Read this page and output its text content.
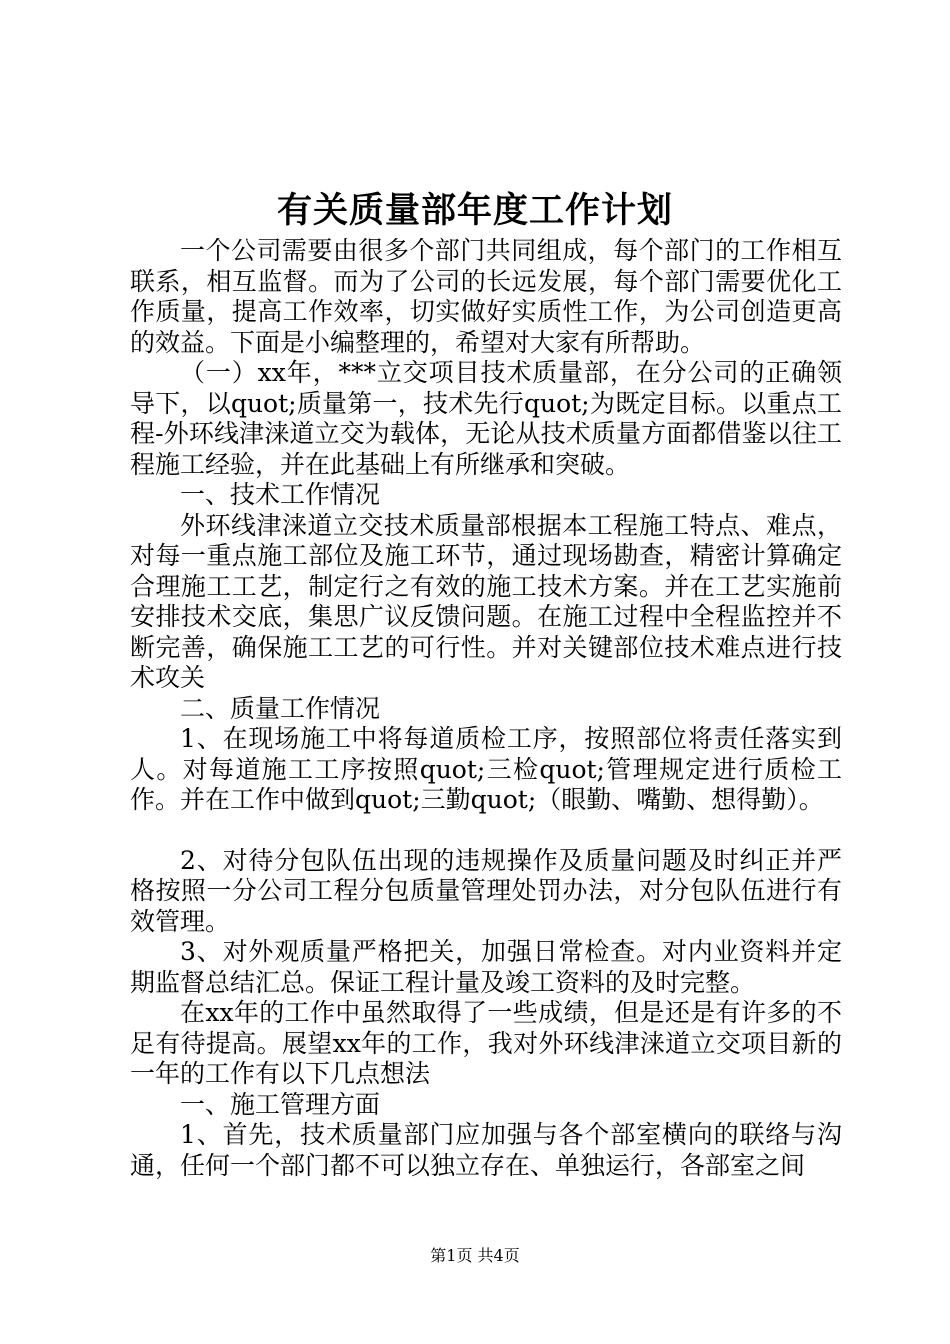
有关质量部年度工作计划

一个公司需要由很多个部门共同组成，每个部门的工作相互联系，相互监督。而为了公司的长远发展，每个部门需要优化工作质量，提高工作效率，切实做好实质性工作，为公司创造更高的效益。下面是小编整理的，希望对大家有所帮助。

（一）xx年，***立交项目技术质量部，在分公司的正确领导下，以quot;质量第一，技术先行quot;为既定目标。以重点工程-外环线津涞道立交为载体，无论从技术质量方面都借鉴以往工程施工经验，并在此基础上有所继承和突破。

一、技术工作情况

外环线津涞道立交技术质量部根据本工程施工特点、难点，对每一重点施工部位及施工环节，通过现场勘查，精密计算确定合理施工工艺，制定行之有效的施工技术方案。并在工艺实施前安排技术交底，集思广议反馈问题。在施工过程中全程监控并不断完善，确保施工工艺的可行性。并对关键部位技术难点进行技术攻关

二、质量工作情况

1、在现场施工中将每道质检工序，按照部位将责任落实到人。对每道施工工序按照quot;三检quot;管理规定进行质检工作。并在工作中做到quot;三勤quot;（眼勤、嘴勤、想得勤）。

2、对待分包队伍出现的违规操作及质量问题及时纠正并严格按照一分公司工程分包质量管理处罚办法，对分包队伍进行有效管理。

3、对外观质量严格把关，加强日常检查。对内业资料并定期监督总结汇总。保证工程计量及竣工资料的及时完整。

在xx年的工作中虽然取得了一些成绩，但是还是有许多的不足有待提高。展望xx年的工作，我对外环线津涞道立交项目新的一年的工作有以下几点想法

一、施工管理方面

1、首先，技术质量部门应加强与各个部室横向的联络与沟通，任何一个部门都不可以独立存在、单独运行，各部室之间

第1页 共4页
